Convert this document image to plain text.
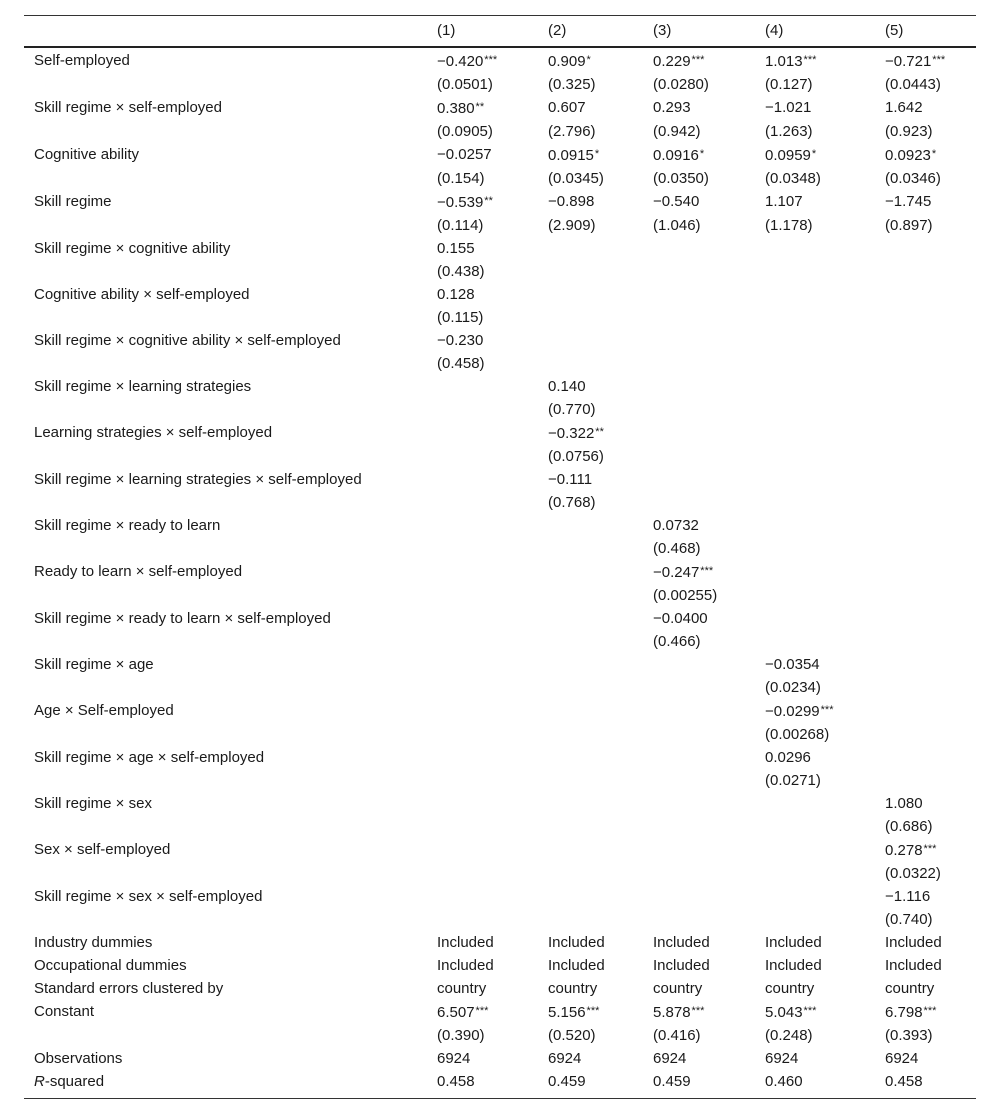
	(1)	(2)	(3)	(4)	(5)
Self-employed	−0.420***	0.909*	0.229***	1.013***	−0.721***
	(0.0501)	(0.325)	(0.0280)	(0.127)	(0.0443)
Skill regime × self-employed	0.380**	0.607	0.293	−1.021	1.642
	(0.0905)	(2.796)	(0.942)	(1.263)	(0.923)
Cognitive ability	−0.0257	0.0915*	0.0916*	0.0959*	0.0923*
	(0.154)	(0.0345)	(0.0350)	(0.0348)	(0.0346)
Skill regime	−0.539**	−0.898	−0.540	1.107	−1.745
	(0.114)	(2.909)	(1.046)	(1.178)	(0.897)
Skill regime × cognitive ability	0.155				
	(0.438)				
Cognitive ability × self-employed	0.128				
	(0.115)				
Skill regime × cognitive ability × self-employed	−0.230				
	(0.458)				
Skill regime × learning strategies		0.140			
		(0.770)			
Learning strategies × self-employed		−0.322**			
		(0.0756)			
Skill regime × learning strategies × self-employed		−0.111			
		(0.768)			
Skill regime × ready to learn			0.0732		
			(0.468)		
Ready to learn × self-employed			−0.247***		
			(0.00255)		
Skill regime × ready to learn × self-employed			−0.0400		
			(0.466)		
Skill regime × age				−0.0354	
				(0.0234)	
Age × Self-employed				−0.0299***	
				(0.00268)	
Skill regime × age × self-employed				0.0296	
				(0.0271)	
Skill regime × sex					1.080
					(0.686)
Sex × self-employed					0.278***
					(0.0322)
Skill regime × sex × self-employed					−1.116
					(0.740)
Industry dummies	Included	Included	Included	Included	Included
Occupational dummies	Included	Included	Included	Included	Included
Standard errors clustered by	country	country	country	country	country
Constant	6.507***	5.156***	5.878***	5.043***	6.798***
	(0.390)	(0.520)	(0.416)	(0.248)	(0.393)
Observations	6924	6924	6924	6924	6924
R-squared	0.458	0.459	0.459	0.460	0.458
